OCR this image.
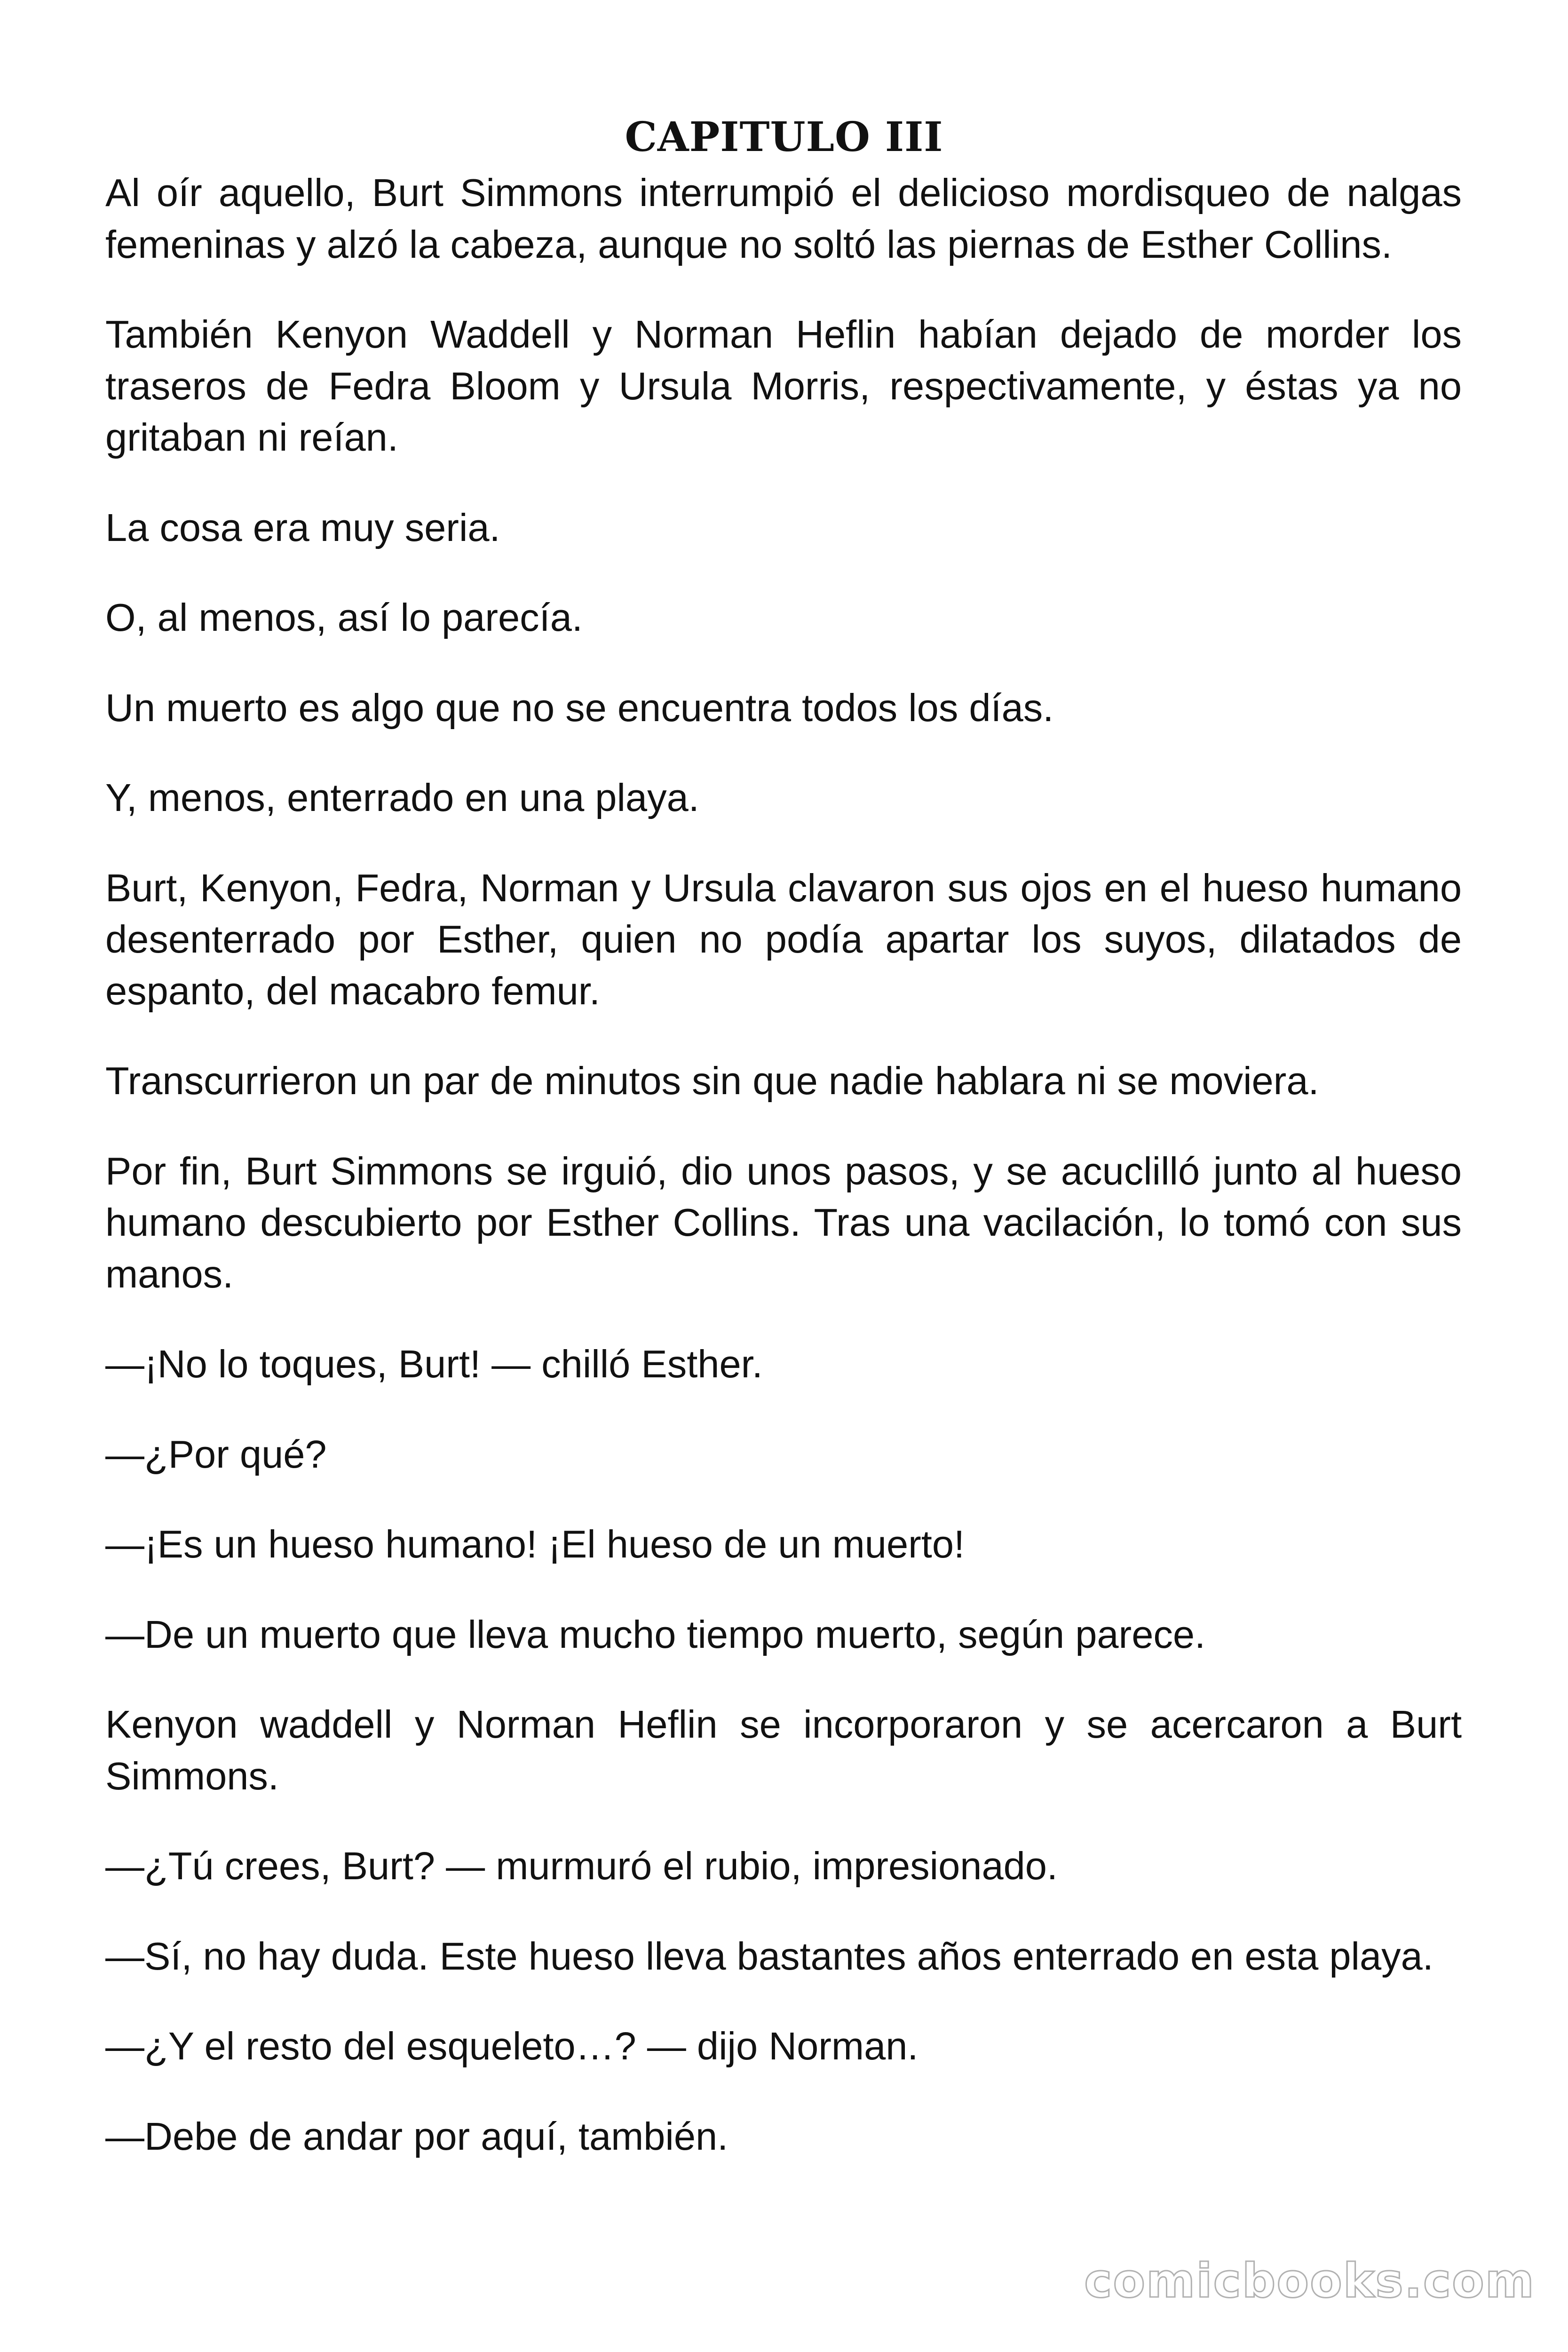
CAPITULO III

Al oír aquello, Burt Simmons interrumpió el delicioso mordisqueo de nalgas femeninas y alzó la cabeza, aunque no soltó las piernas de Esther Collins.

También Kenyon Waddell y Norman Heflin habían dejado de morder los traseros de Fedra Bloom y Ursula Morris, respectivamente, y éstas ya no gritaban ni reían.

La cosa era muy seria.

O, al menos, así lo parecía.

Un muerto es algo que no se encuentra todos los días.

Y, menos, enterrado en una playa.

Burt, Kenyon, Fedra, Norman y Ursula clavaron sus ojos en el hueso humano desenterrado por Esther, quien no podía apartar los suyos, dilatados de espanto, del macabro femur.

Transcurrieron un par de minutos sin que nadie hablara ni se moviera.

Por fin, Burt Simmons se irguió, dio unos pasos, y se acuclilló junto al hueso humano descubierto por Esther Collins. Tras una vacilación, lo tomó con sus manos.

—¡No lo toques, Burt! — chilló Esther.

—¿Por qué?

—¡Es un hueso humano! ¡El hueso de un muerto!

—De un muerto que lleva mucho tiempo muerto, según parece.

Kenyon waddell y Norman Heflin se incorporaron y se acercaron a Burt Simmons.

—¿Tú crees, Burt? — murmuró el rubio, impresionado.

—Sí, no hay duda. Este hueso lleva bastantes años enterrado en esta playa.

—¿Y el resto del esqueleto…? — dijo Norman.

—Debe de andar por aquí, también.

comicbooks.com
